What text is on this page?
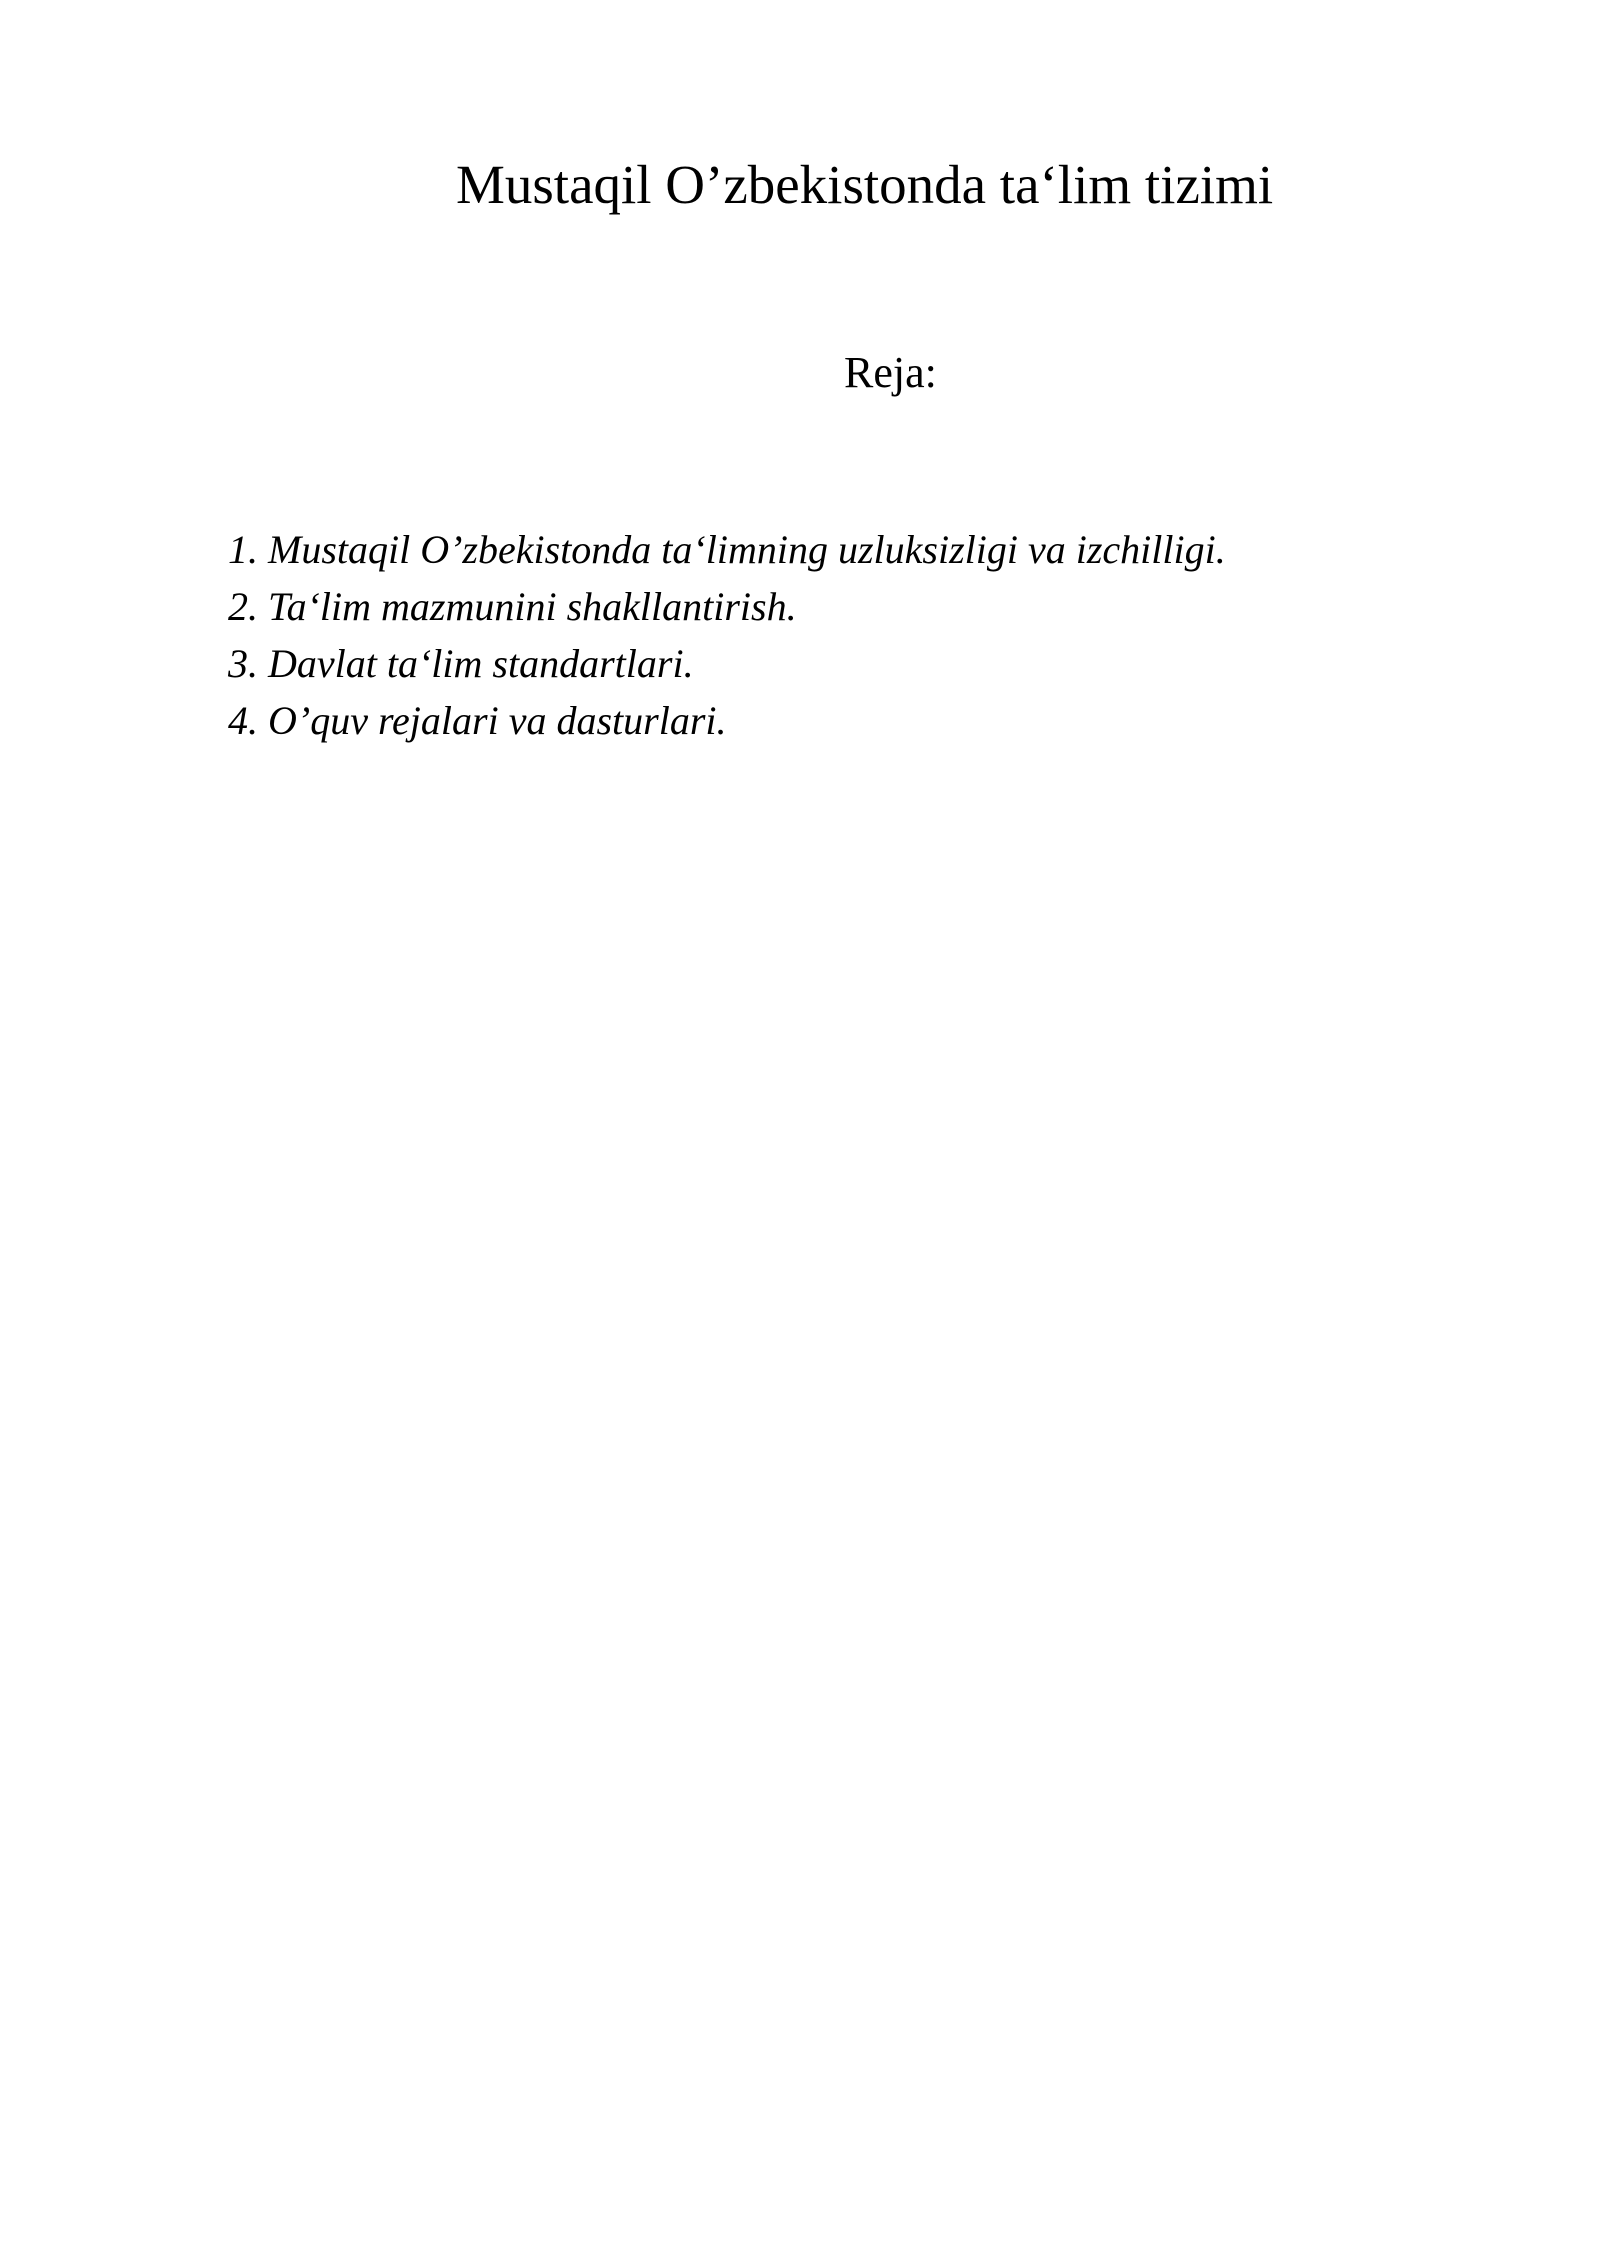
Mustaqil O’zbekistonda ta‘lim tizimi
Reja:
1. Mustaqil O’zbekistonda ta‘limning uzluksizligi va izchilligi.
2. Ta‘lim mazmunini shakllantirish.
3. Davlat ta‘lim standartlari.
4. O’quv rejalari va dasturlari.
